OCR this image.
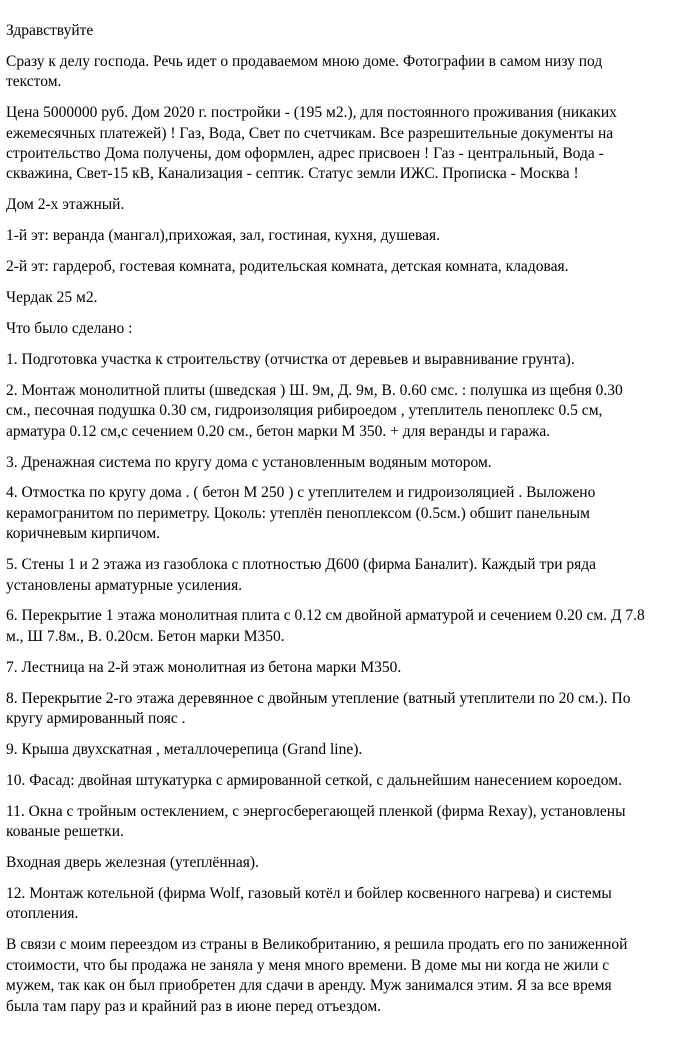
Здравствуйте

Сразу к делу господа. Речь идет о продаваемом мною доме. Фотографии в самом низу под текстом.

Цена 5000000 руб. Дом 2020 г. постройки - (195 м2.), для постоянного проживания (никаких ежемесячных платежей) ! Газ, Вода, Свет по счетчикам. Все разрешительные документы на строительство Дома получены, дом оформлен, адрес присвоен ! Газ - центральный, Вода - скважина, Свет-15 кВ, Канализация - септик. Статус земли ИЖС. Прописка - Москва !

Дом 2-х этажный.

1-й эт: веранда (мангал),прихожая, зал, гостиная, кухня, душевая.

2-й эт: гардероб, гостевая комната, родительская комната, детская комната, кладовая.

Чердак 25 м2.

Что было сделано :

1. Подготовка участка к строительству (отчистка от деревьев и выравнивание грунта).

2. Монтаж монолитной плиты (шведская ) Ш. 9м, Д. 9м, В. 0.60 смс. : полушка из щебня 0.30 см., песочная подушка 0.30 см, гидроизоляция рибироедом , утеплитель пеноплекс 0.5 см, арматура 0.12 см,с сечением 0.20 см., бетон марки М 350. + для веранды и гаража.

3. Дренажная система по кругу дома с установленным водяным мотором.

4. Отмостка по кругу дома . ( бетон М 250 ) с утеплителем и гидроизоляцией . Выложено керамогранитом по периметру. Цоколь: утеплён пеноплексом (0.5см.) обшит панельным коричневым кирпичом.

5. Стены 1 и 2 этажа из газоблока с плотностью Д600 (фирма Баналит). Каждый три ряда установлены арматурные усиления.

6. Перекрытие 1 этажа монолитная плита с 0.12 см двойной арматурой и сечением 0.20 см. Д 7.8 м., Ш 7.8м., В. 0.20см. Бетон марки М350.

7. Лестница на 2-й этаж монолитная из бетона марки М350.

8. Перекрытие 2-го этажа деревянное с двойным утепление (ватный утеплители по 20 см.). По кругу армированный пояс .

9. Крыша двухскатная , металлочерепица (Grand line).

10. Фасад: двойная штукатурка с армированной сеткой, с дальнейшим нанесением короедом.

11. Окна с тройным остеклением, с энергосберегающей пленкой (фирма Rexay), установлены кованые решетки.

Входная дверь железная (утеплённая).

12. Монтаж котельной (фирма Wolf, газовый котёл и бойлер косвенного нагрева) и системы отопления.

В связи с моим переездом из страны в Великобританию, я решила продать его по заниженной стоимости, что бы продажа не заняла у меня много времени. В доме мы ни когда не жили с мужем, так как он был приобретен для сдачи в аренду. Муж занимался этим. Я за все время была там пару раз и крайний раз в июне перед отъездом.
